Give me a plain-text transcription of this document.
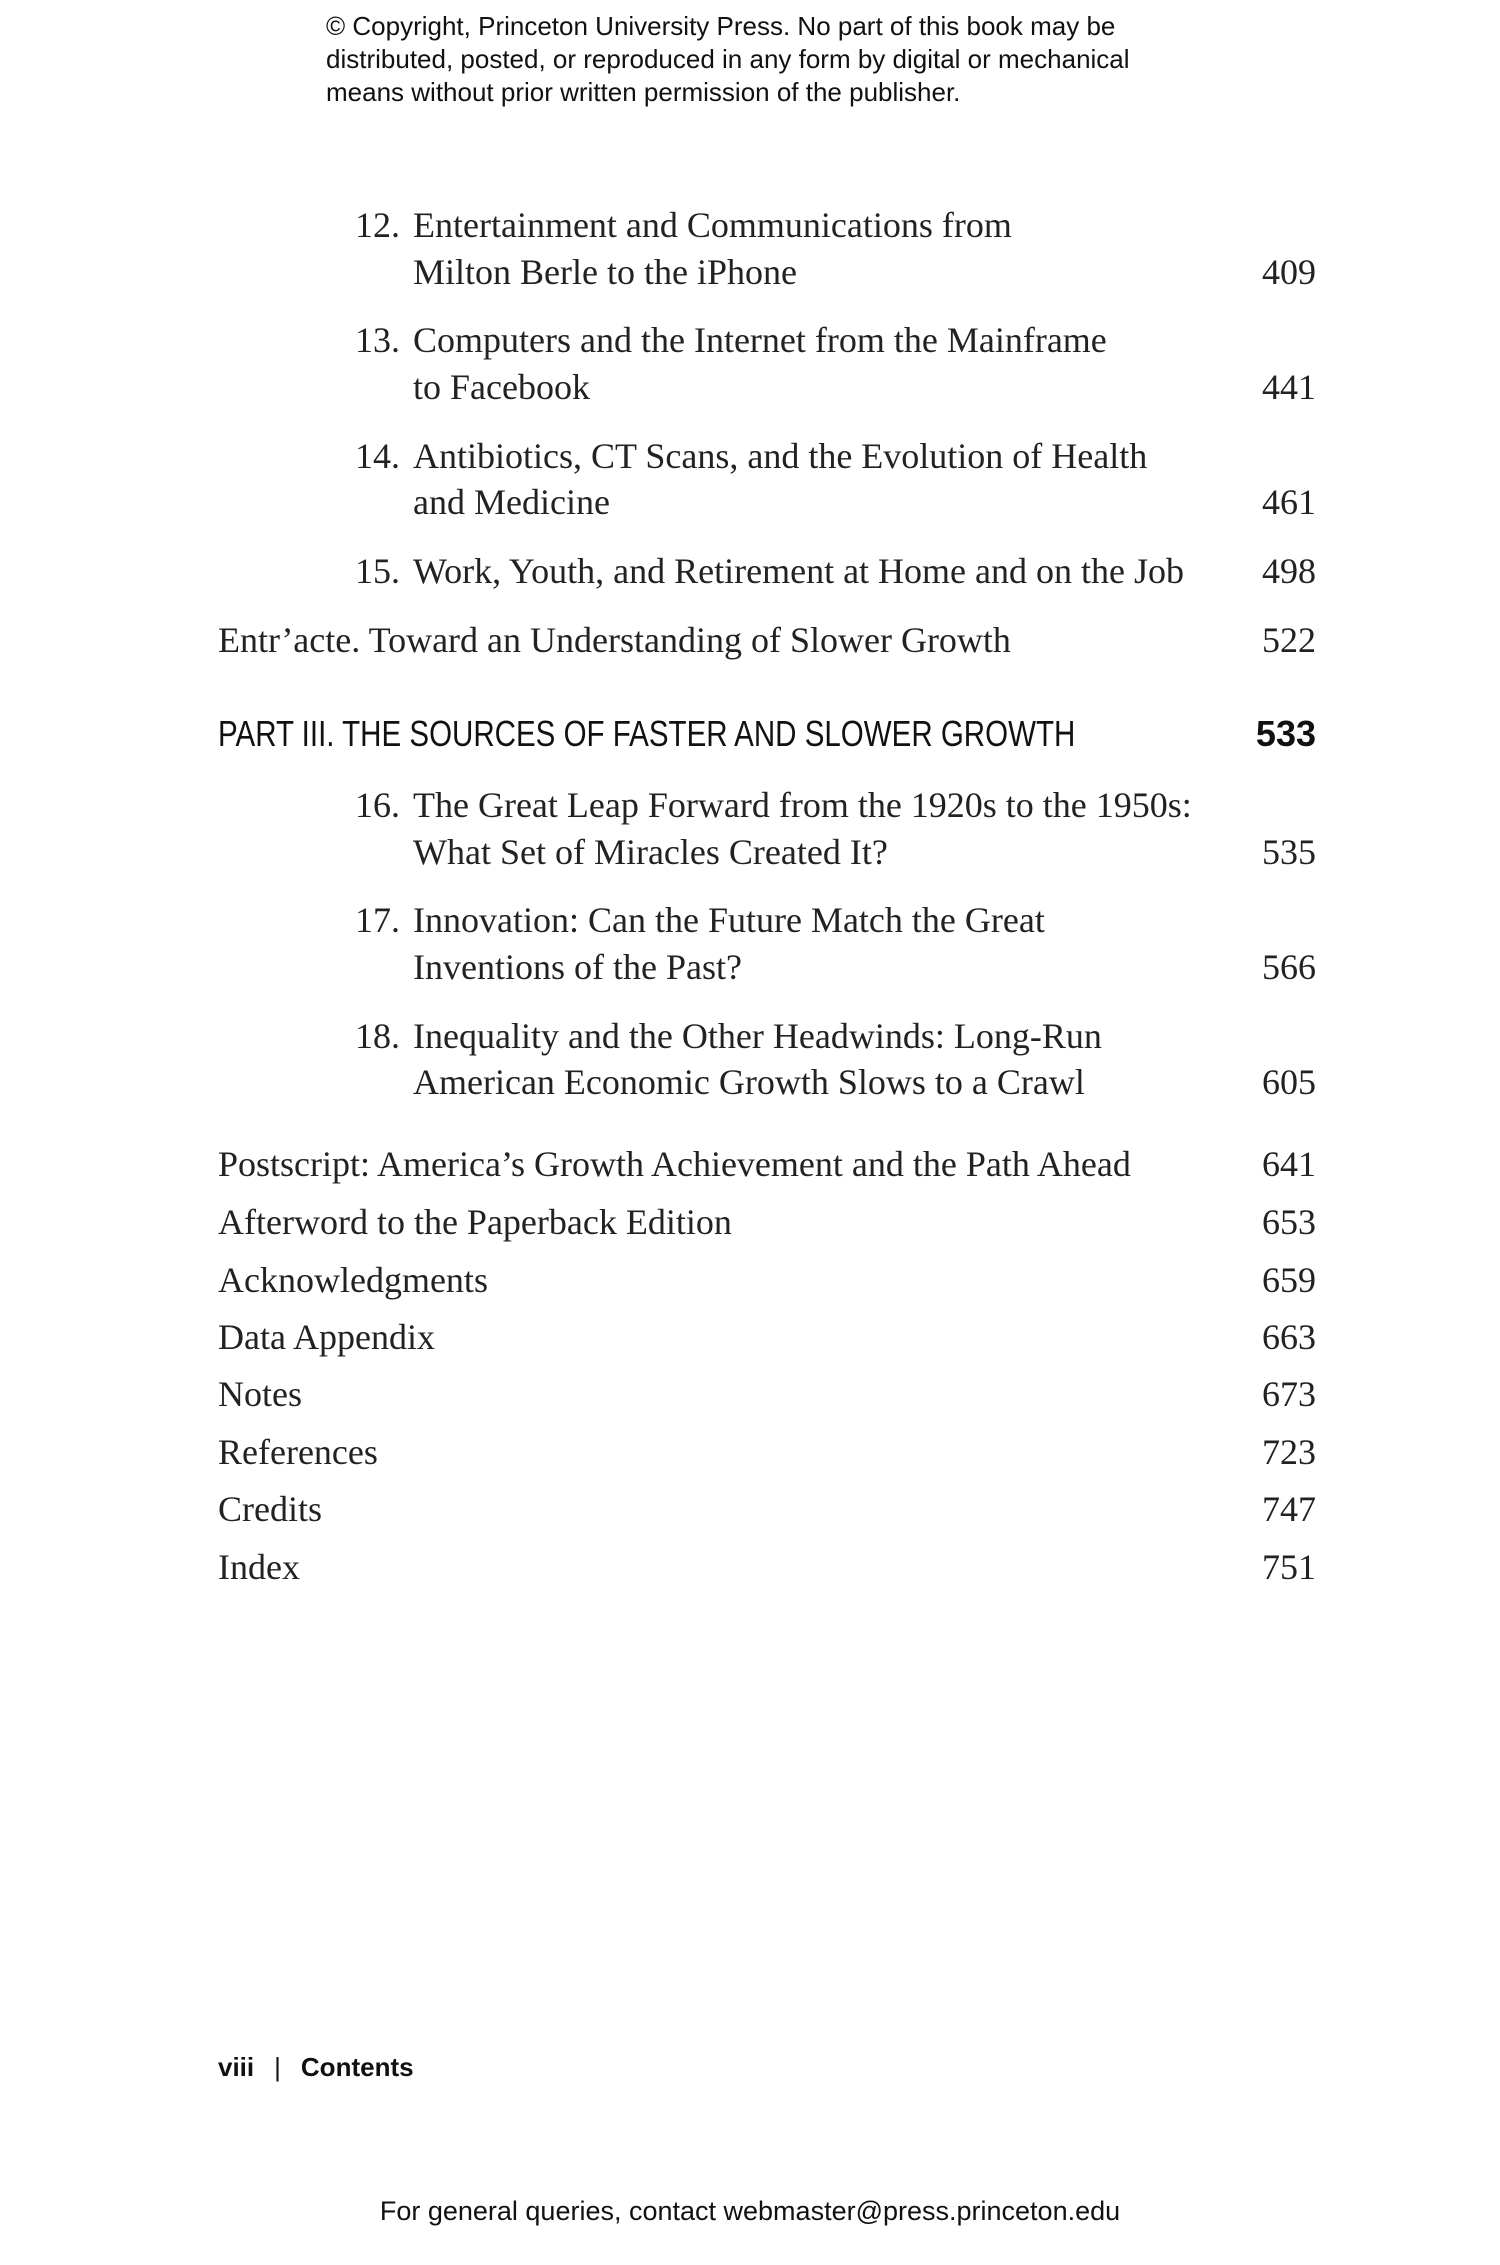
© Copyright, Princeton University Press. No part of this book may be
distributed, posted, or reproduced in any form by digital or mechanical
means without prior written permission of the publisher.
12. Entertainment and Communications from
Milton Berle to the iPhone	409
13. Computers and the Internet from the Mainframe
to Facebook	441
14. Antibiotics, CT Scans, and the Evolution of Health
and Medicine	461
15. Work, Youth, and Retirement at Home and on the Job 498
Entr’acte. Toward an Understanding of Slower Growth	522
PART III. THE SOURCES OF FASTER AND SLOWER GROWTH	533
16. The Great Leap Forward from the 1920s to the 1950s:
What Set of Miracles Created It?	535
17. Innovation: Can the Future Match the Great
Inventions of the Past?	566
18. Inequality and the Other Headwinds: Long-Run
American Economic Growth Slows to a Crawl	605
Postscript: America’s Growth Achievement and the Path Ahead	641
Afterword to the Paperback Edition	653
Acknowledgments	659
Data Appendix	663
Notes	673
References	723
Credits	747
Index	751
viii | Contents
For general queries, contact webmaster@press.princeton.edu
